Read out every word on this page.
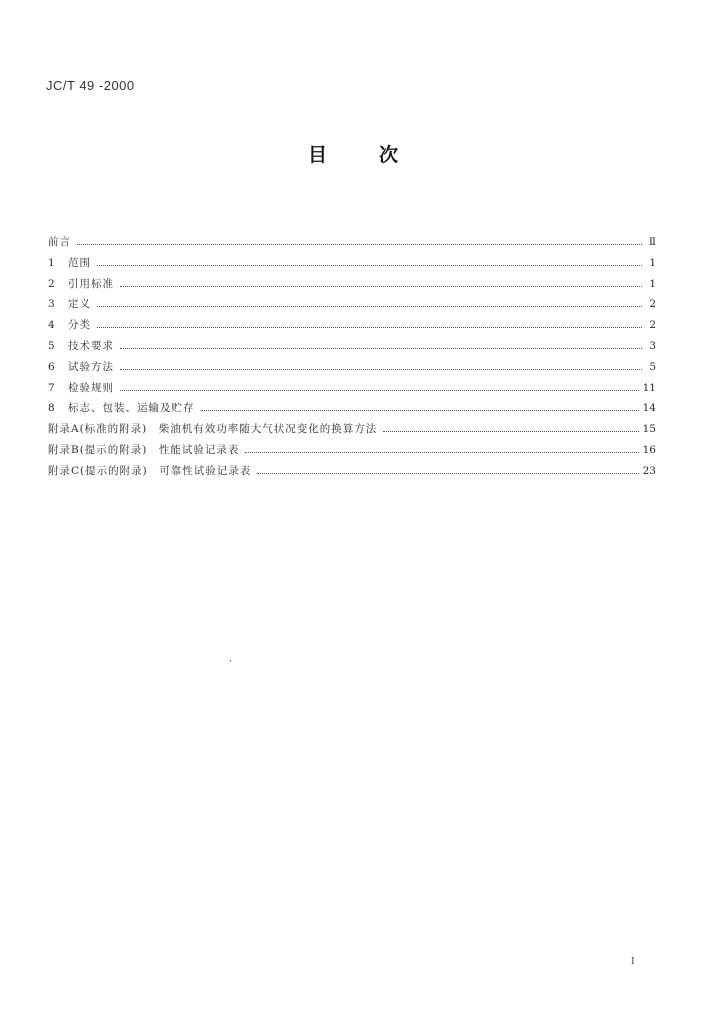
JC/T 49 -2000
目	次
前言	Ⅱ
1	范围	1
2	引用标准	1
3	定义	2
4	分类	2
5	技术要求	3
6	试验方法	5
7	检验规则	11
8	标志、包装、运输及贮存	14
附录A(标准的附录)　柴油机有效功率随大气状况变化的换算方法	15
附录B(提示的附录)　性能试验记录表	16
附录C(提示的附录)　可靠性试验记录表	23
I
